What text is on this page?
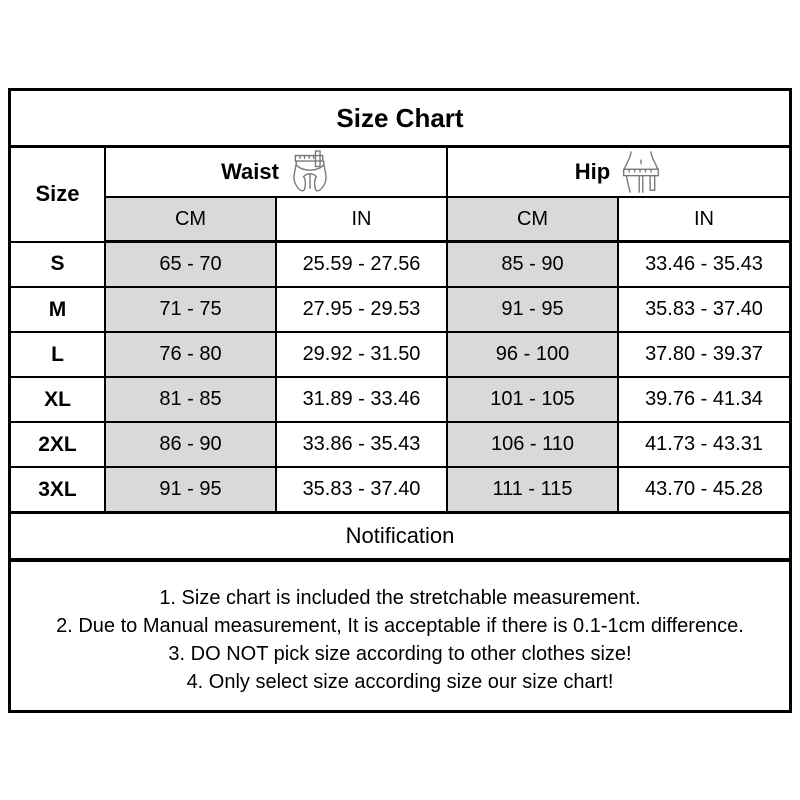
Size Chart
Size	Waist		Hip	

	CM	IN	CM	IN
S	65 - 70	25.59 - 27.56	85 - 90	33.46 - 35.43
M	71 - 75	27.95 - 29.53	91 - 95	35.83 - 37.40
L	76 - 80	29.92 - 31.50	96 - 100	37.80 - 39.37
XL	81 - 85	31.89 - 33.46	101 - 105	39.76 - 41.34
2XL	86 - 90	33.86 - 35.43	106 - 110	41.73 - 43.31
3XL	91 - 95	35.83 - 37.40	111 - 115	43.70 - 45.28
Notification
1. Size chart is included the stretchable measurement.
2. Due to Manual measurement, It is acceptable if there is 0.1-1cm difference.
3. DO NOT pick size according to other clothes size!
4. Only select size according size our size chart!
